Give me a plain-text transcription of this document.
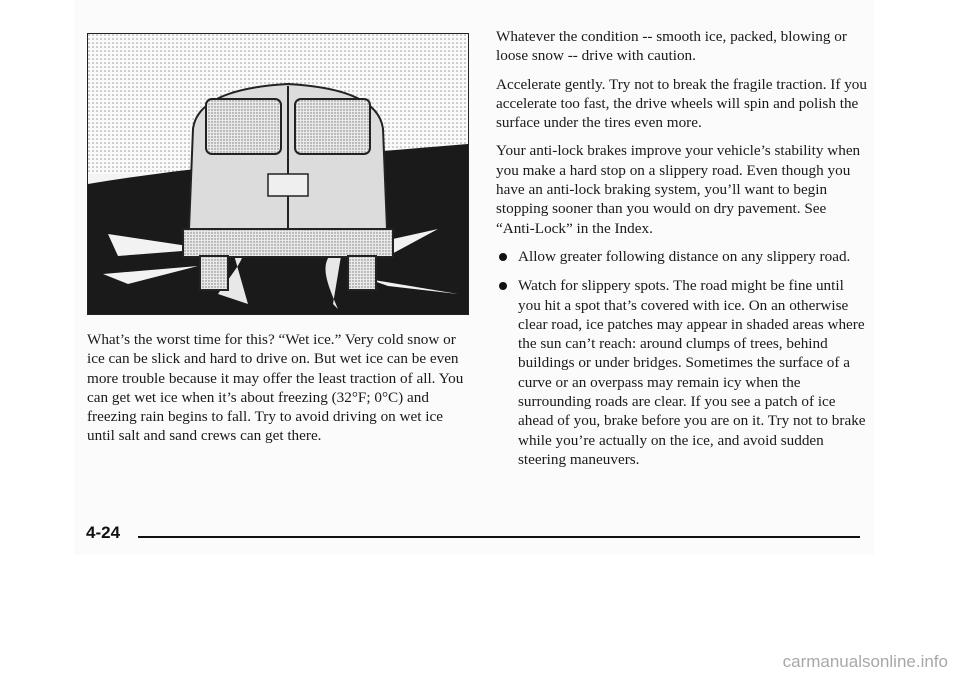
What’s the worst time for this? “Wet ice.” Very cold snow or ice can be slick and hard to drive on. But wet ice can be even more trouble because it may offer the least traction of all. You can get wet ice when it’s about freezing (32°F; 0°C) and freezing rain begins to fall. Try to avoid driving on wet ice until salt and sand crews can get there.

Whatever the condition -- smooth ice, packed, blowing or loose snow -- drive with caution.

Accelerate gently. Try not to break the fragile traction. If you accelerate too fast, the drive wheels will spin and polish the surface under the tires even more.

Your anti-lock brakes improve your vehicle’s stability when you make a hard stop on a slippery road. Even though you have an anti-lock braking system, you’ll want to begin stopping sooner than you would on dry pavement. See “Anti-Lock” in the Index.

Allow greater following distance on any slippery road.
Watch for slippery spots. The road might be fine until you hit a spot that’s covered with ice. On an otherwise clear road, ice patches may appear in shaded areas where the sun can’t reach: around clumps of trees, behind buildings or under bridges. Sometimes the surface of a curve or an overpass may remain icy when the surrounding roads are clear. If you see a patch of ice ahead of you, brake before you are on it. Try not to brake while you’re actually on the ice, and avoid sudden steering maneuvers.
4-24
carmanualsonline.info
